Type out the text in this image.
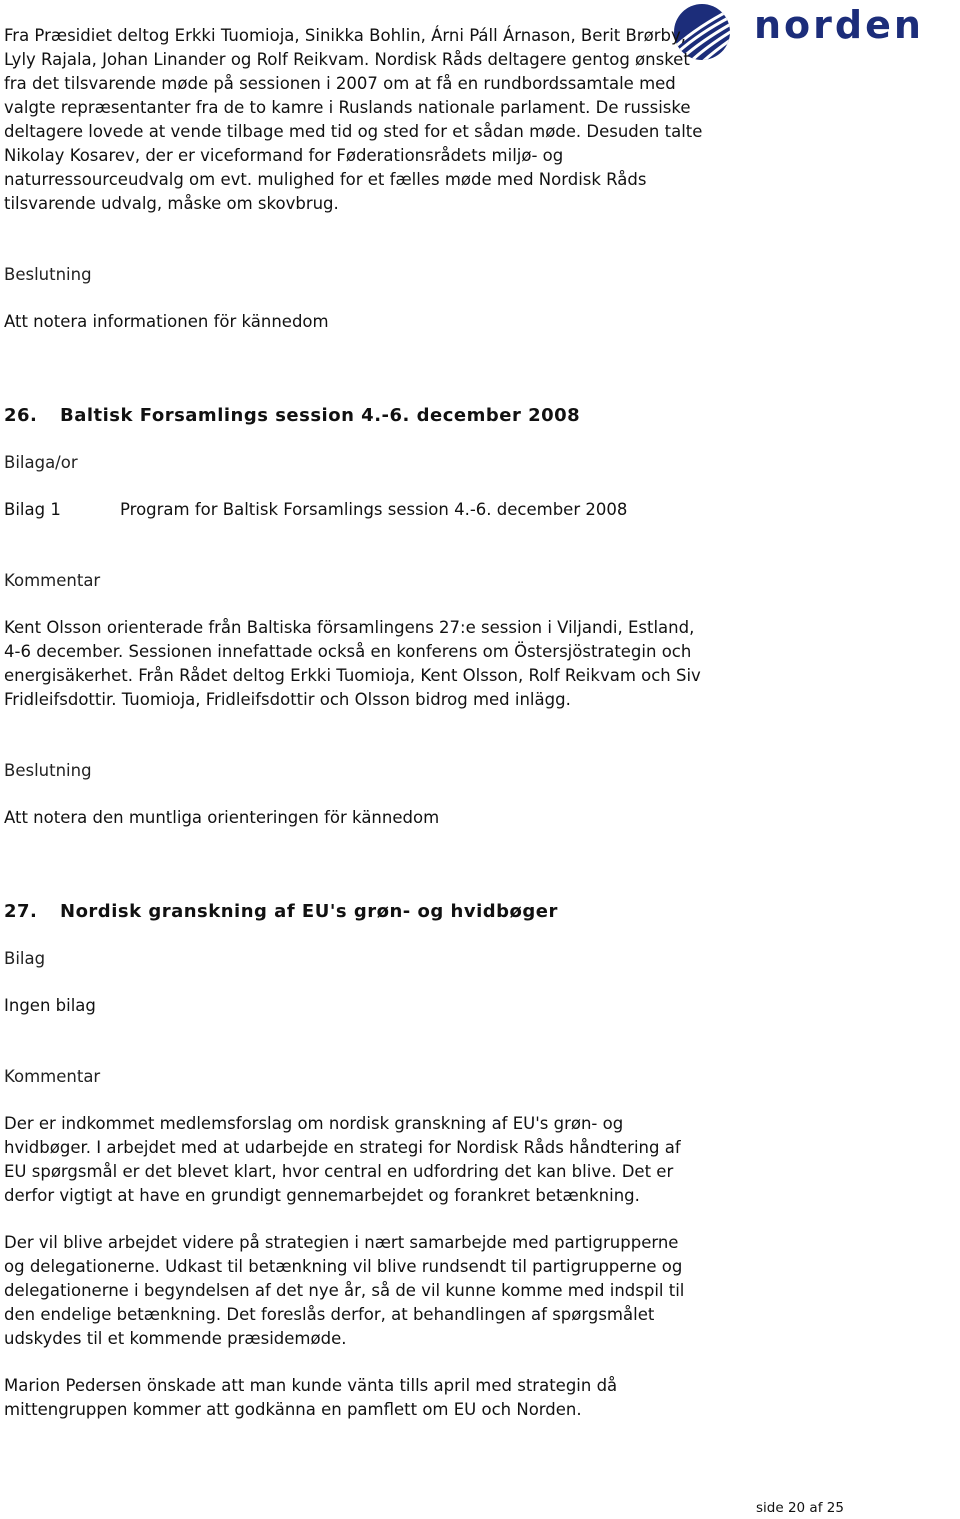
norden

Fra Præsidiet deltog Erkki Tuomioja, Sinikka Bohlin, Árni Páll Árnason, Berit Brørby, Lyly Rajala, Johan Linander og Rolf Reikvam. Nordisk Råds deltagere gentog ønsket fra det tilsvarende møde på sessionen i 2007 om at få en rundbordssamtale med valgte repræsentanter fra de to kamre i Ruslands nationale parlament. De russiske deltagere lovede at vende tilbage med tid og sted for et sådan møde. Desuden talte Nikolay Kosarev, der er viceformand for Føderationsrådets miljø- og naturressourceudvalg om evt. mulighed for et fælles møde med Nordisk Råds tilsvarende udvalg, måske om skovbrug.

Beslutning

Att notera informationen för kännedom

26.	Baltisk Forsamlings session 4.-6. december 2008

Bilaga/or

Bilag 1	Program for Baltisk Forsamlings session 4.-6. december 2008

Kommentar

Kent Olsson orienterade från Baltiska församlingens 27:e session i Viljandi, Estland, 4-6 december. Sessionen innefattade också en konferens om Östersjöstrategin och energisäkerhet. Från Rådet deltog Erkki Tuomioja, Kent Olsson, Rolf Reikvam och Siv Fridleifsdottir. Tuomioja, Fridleifsdottir och Olsson bidrog med inlägg.

Beslutning

Att notera den muntliga orienteringen för kännedom

27.	Nordisk granskning af EU's grøn- og hvidbøger

Bilag

Ingen bilag

Kommentar

Der er indkommet medlemsforslag om nordisk granskning af EU's grøn- og hvidbøger. I arbejdet med at udarbejde en strategi for Nordisk Råds håndtering af EU spørgsmål er det blevet klart, hvor central en udfordring det kan blive. Det er derfor vigtigt at have en grundigt gennemarbejdet og forankret betænkning.

Der vil blive arbejdet videre på strategien i nært samarbejde med partigrupperne og delegationerne. Udkast til betænkning vil blive rundsendt til partigrupperne og delegationerne i begyndelsen af det nye år, så de vil kunne komme med indspil til den endelige betænkning. Det foreslås derfor, at behandlingen af spørgsmålet udskydes til et kommende præsidemøde.

Marion Pedersen önskade att man kunde vänta tills april med strategin då mittengruppen kommer att godkänna en pamflett om EU och Norden.

side 20 af 25
